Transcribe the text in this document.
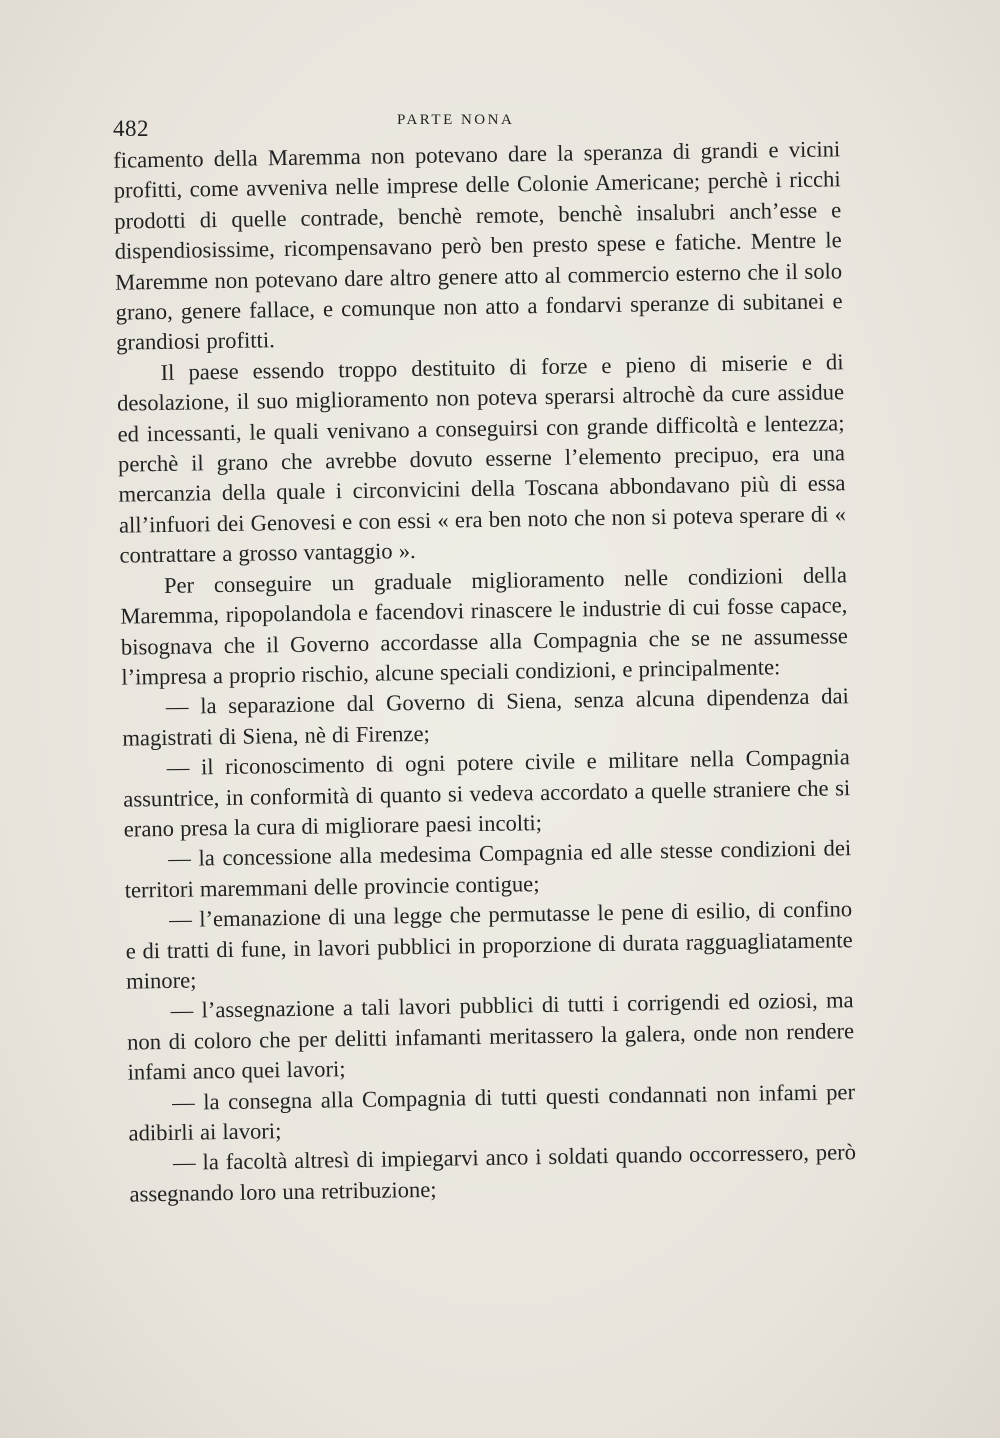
482	PARTE NONA

ficamento della Maremma non potevano dare la speranza di grandi e vicini profitti, come avveniva nelle imprese delle Colonie Americane; perchè i ricchi prodotti di quelle contrade, benchè remote, benchè insalubri anch’esse e dispendiosissime, ricompensavano però ben presto spese e fatiche. Mentre le Maremme non potevano dare altro genere atto al commercio esterno che il solo grano, genere fallace, e comunque non atto a fondarvi speranze di subitanei e grandiosi profitti.

Il paese essendo troppo destituito di forze e pieno di miserie e di desolazione, il suo miglioramento non poteva sperarsi altrochè da cure assidue ed incessanti, le quali venivano a conseguirsi con grande difficoltà e lentezza; perchè il grano che avrebbe dovuto esserne l’elemento precipuo, era una mercanzia della quale i circonvicini della Toscana abbondavano più di essa all’infuori dei Genovesi e con essi « era ben noto che non si poteva sperare di « contrattare a grosso vantaggio ».

Per conseguire un graduale miglioramento nelle condizioni della Maremma, ripopolandola e facendovi rinascere le industrie di cui fosse capace, bisognava che il Governo accordasse alla Compagnia che se ne assumesse l’impresa a proprio rischio, alcune speciali condizioni, e principalmente:

— la separazione dal Governo di Siena, senza alcuna dipendenza dai magistrati di Siena, nè di Firenze;

— il riconoscimento di ogni potere civile e militare nella Compagnia assuntrice, in conformità di quanto si vedeva accordato a quelle straniere che si erano presa la cura di migliorare paesi incolti;

— la concessione alla medesima Compagnia ed alle stesse condizioni dei territori maremmani delle provincie contigue;

— l’emanazione di una legge che permutasse le pene di esilio, di confino e di tratti di fune, in lavori pubblici in proporzione di durata ragguagliatamente minore;

— l’assegnazione a tali lavori pubblici di tutti i corrigendi ed oziosi, ma non di coloro che per delitti infamanti meritassero la galera, onde non rendere infami anco quei lavori;

— la consegna alla Compagnia di tutti questi condannati non infami per adibirli ai lavori;

— la facoltà altresì di impiegarvi anco i soldati quando occorressero, però assegnando loro una retribuzione;
